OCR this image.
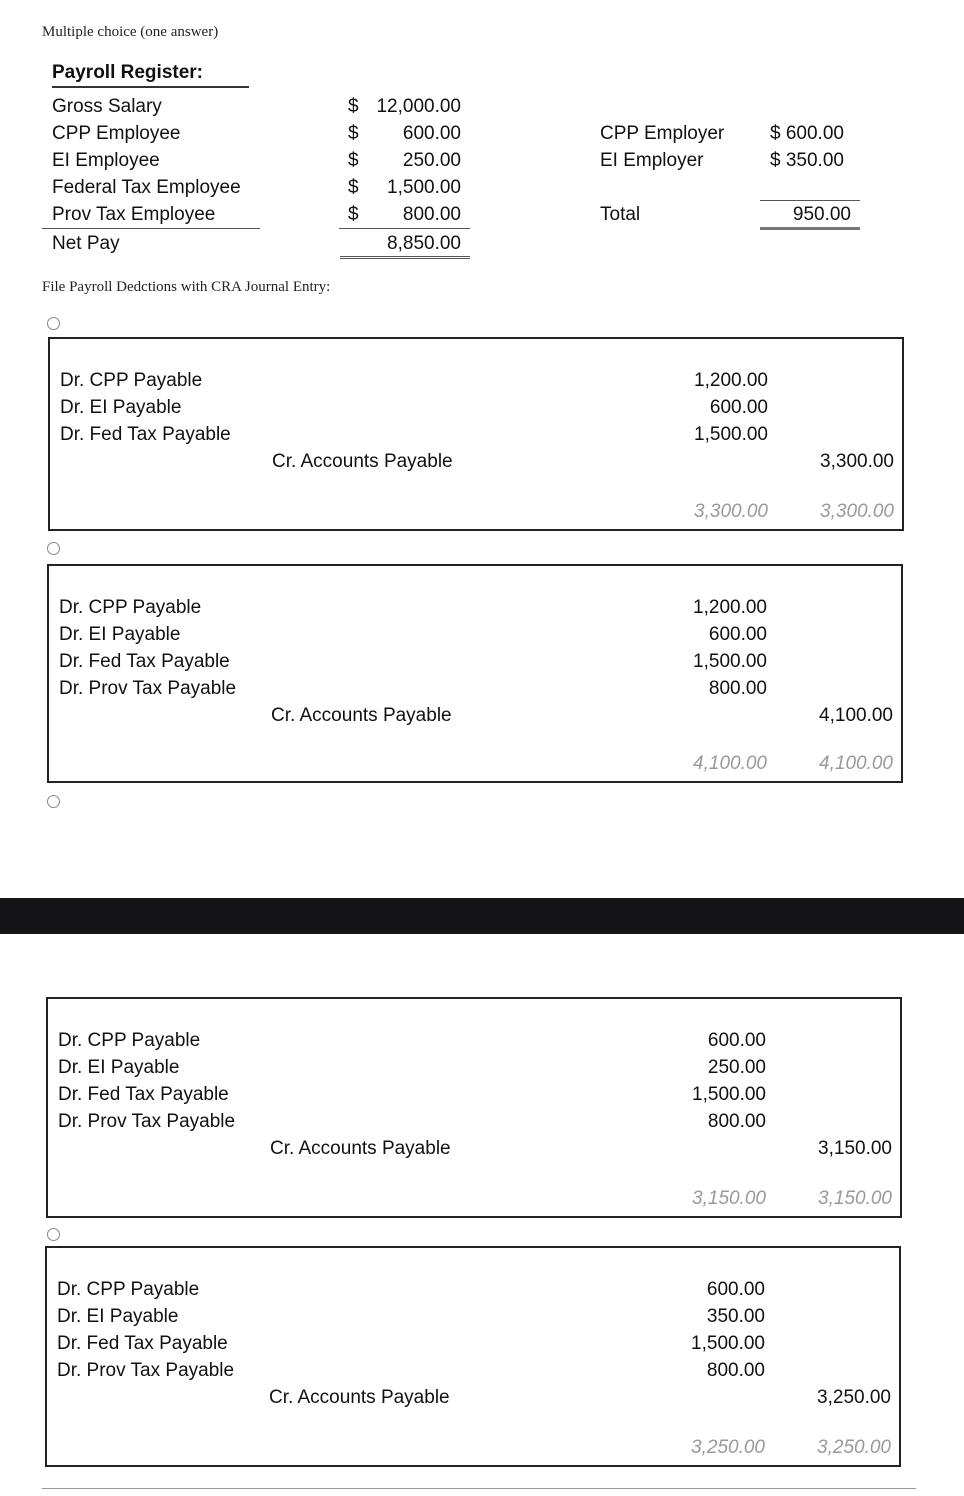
Multiple choice (one answer)
Payroll Register:
Gross Salary	$ 12,000.00
CPP Employee	$	600.00
EI Employee	$	250.00
Federal Tax Employee	$	1,500.00
Prov Tax Employee	$	800.00
Net Pay	8,850.00
CPP Employer $ 600.00
EI Employer	$ 350.00
Total	950.00
File Payroll Dedctions with CRA Journal Entry:
Dr. CPP Payable	1,200.00
Dr. EI Payable	600.00
Dr. Fed Tax Payable	1,500.00
Cr. Accounts Payable	3,300.00
3,300.00	3,300.00
Dr. CPP Payable	1,200.00
Dr. EI Payable	600.00
Dr. Fed Tax Payable	1,500.00
Dr. Prov Tax Payable	800.00
Cr. Accounts Payable	4,100.00
4,100.00	4,100.00
Dr. CPP Payable	600.00
Dr. EI Payable	250.00
Dr. Fed Tax Payable	1,500.00
Dr. Prov Tax Payable	800.00
Cr. Accounts Payable	3,150.00
3,150.00	3,150.00
Dr. CPP Payable	600.00
Dr. EI Payable	350.00
Dr. Fed Tax Payable	1,500.00
Dr. Prov Tax Payable	800.00
Cr. Accounts Payable	3,250.00
3,250.00	3,250.00
